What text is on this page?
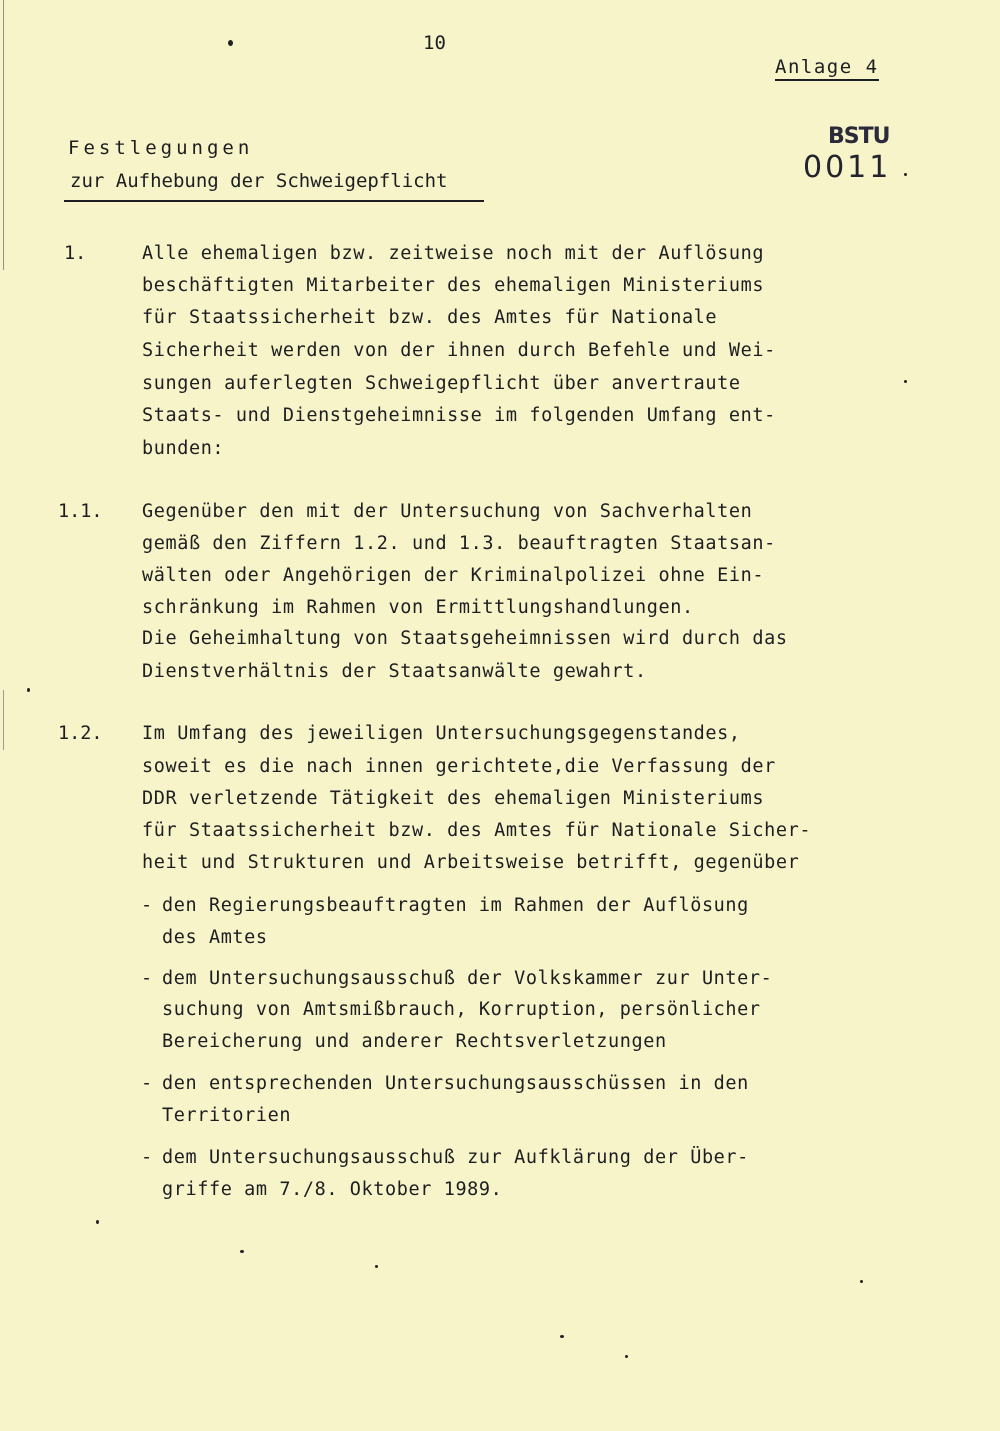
10
Anlage 4
BSTU
0011
Festlegungen
zur Aufhebung der Schweigepflicht
1.	Alle ehemaligen bzw. zeitweise noch mit der Auflösung
beschäftigten Mitarbeiter des ehemaligen Ministeriums
für Staatssicherheit bzw. des Amtes für Nationale
Sicherheit werden von der ihnen durch Befehle und Wei-
sungen auferlegten Schweigepflicht über anvertraute
Staats- und Dienstgeheimnisse im folgenden Umfang ent-
bunden:
1.1. Gegenüber den mit der Untersuchung von Sachverhalten
gemäß den Ziffern 1.2. und 1.3. beauftragten Staatsan-
wälten oder Angehörigen der Kriminalpolizei ohne Ein-
schränkung im Rahmen von Ermittlungshandlungen.
Die Geheimhaltung von Staatsgeheimnissen wird durch das
Dienstverhältnis der Staatsanwälte gewahrt.
1.2. Im Umfang des jeweiligen Untersuchungsgegenstandes,
soweit es die nach innen gerichtete,die Verfassung der
DDR verletzende Tätigkeit des ehemaligen Ministeriums
für Staatssicherheit bzw. des Amtes für Nationale Sicher-
heit und Strukturen und Arbeitsweise betrifft, gegenüber
- den Regierungsbeauftragten im Rahmen der Auflösung
des Amtes
- dem Untersuchungsausschuß der Volkskammer zur Unter-
suchung von Amtsmißbrauch, Korruption, persönlicher
Bereicherung und anderer Rechtsverletzungen
- den entsprechenden Untersuchungsausschüssen in den
Territorien
- dem Untersuchungsausschuß zur Aufklärung der Über-
griffe am 7./8. Oktober 1989.
